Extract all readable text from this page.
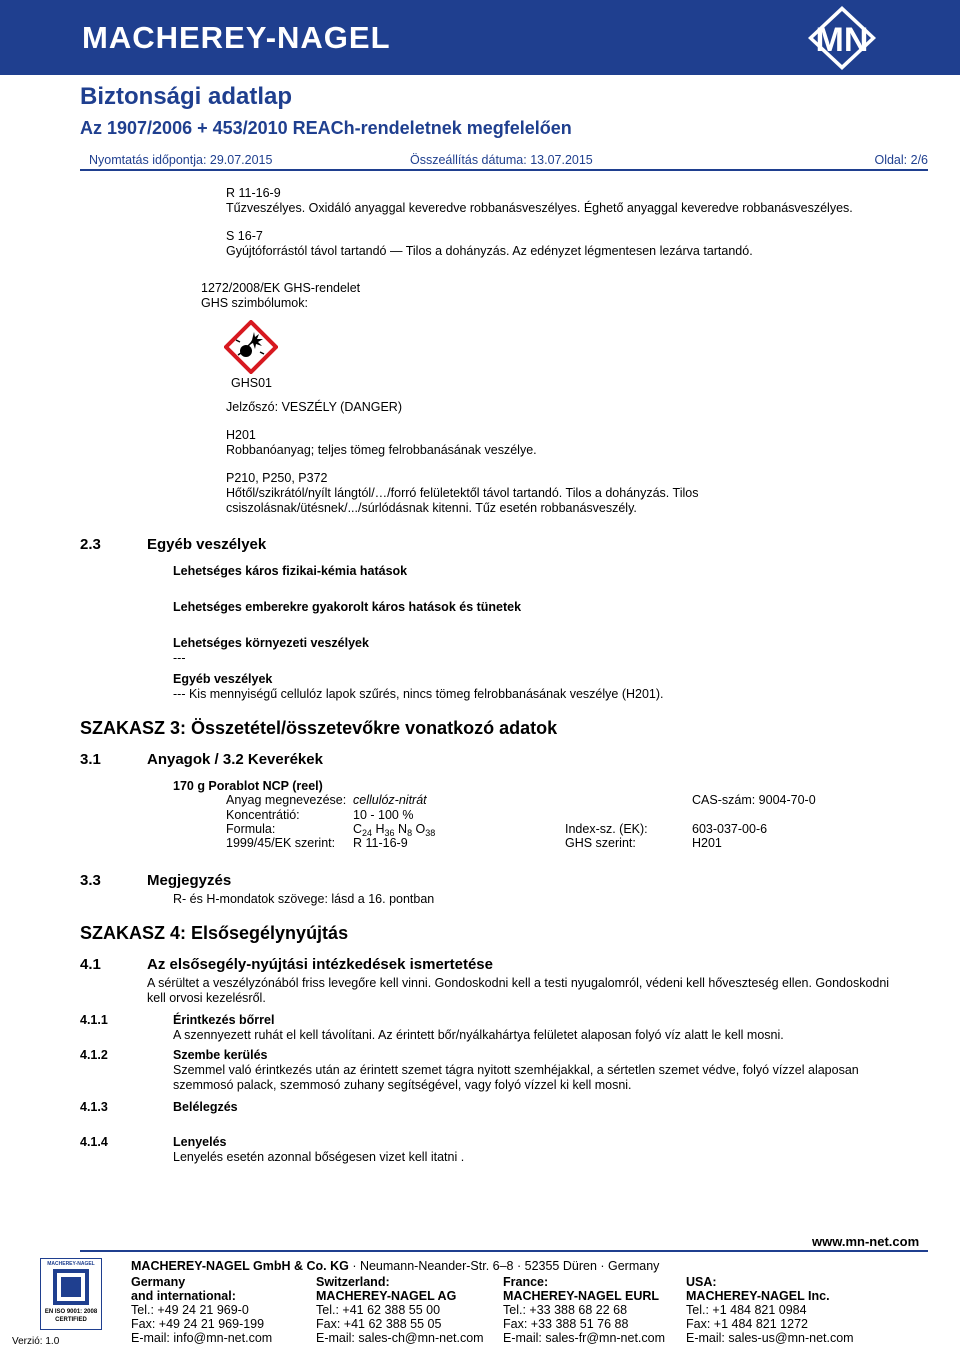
MACHEREY-NAGEL	MN
Biztonsági adatlap
Az 1907/2006 + 453/2010 REACh-rendeletnek megfelelően
Nyomtatás időpontja: 29.07.2015	Összeállítás dátuma: 13.07.2015	Oldal: 2/6
R 11-16-9
Tűzveszélyes. Oxidáló anyaggal keveredve robbanásveszélyes. Éghető anyaggal keveredve robbanásveszélyes.
S 16-7
Gyújtóforrástól távol tartandó — Tilos a dohányzás. Az edényzet légmentesen lezárva tartandó.
1272/2008/EK GHS-rendelet
GHS szimbólumok:
GHS01
Jelzőszó: VESZÉLY (DANGER)
H201
Robbanóanyag; teljes tömeg felrobbanásának veszélye.
P210, P250, P372
Hőtől/szikrától/nyílt lángtól/…/forró felületektől távol tartandó. Tilos a dohányzás. Tilos
csiszolásnak/ütésnek/.../súrlódásnak kitenni. Tűz esetén robbanásveszély.
2.3	Egyéb veszélyek
Lehetséges káros fizikai-kémia hatások
Lehetséges emberekre gyakorolt káros hatások és tünetek
Lehetséges környezeti veszélyek
---
Egyéb veszélyek
--- Kis mennyiségű cellulóz lapok szűrés, nincs tömeg felrobbanásának veszélye (H201).
SZAKASZ 3: Összetétel/összetevőkre vonatkozó adatok
3.1	Anyagok / 3.2 Keverékek
170 g Porablot NCP (reel)
Anyag megnevezése: cellulóz-nitrát	CAS-szám: 9004-70-0
Koncentrátió:	10 - 100 %
Formula:	$C_{24}$ $H_{36}$ $N_8$ $O_{38}$	Index-sz. (EK):	603-037-00-6
1999/45/EK szerint: R 11-16-9	GHS szerint:	H201
3.3	Megjegyzés
R- és H-mondatok szövege: lásd a 16. pontban
SZAKASZ 4: Elsősegélynyújtás
4.1	Az elsősegély-nyújtási intézkedések ismertetése
A sérültet a veszélyzónából friss levegőre kell vinni. Gondoskodni kell a testi nyugalomról, védeni kell hőveszteség ellen. Gondoskodni
kell orvosi kezelésről.
4.1.1	Érintkezés bőrrel
A szennyezett ruhát el kell távolítani. Az érintett bőr/nyálkahártya felületet alaposan folyó víz alatt le kell mosni.
4.1.2	Szembe kerülés
Szemmel való érintkezés után az érintett szemet tágra nyitott szemhéjakkal, a sértetlen szemet védve, folyó vízzel alaposan
szemmosó palack, szemmosó zuhany segítségével, vagy folyó vízzel ki kell mosni.
4.1.3	Belélegzés
4.1.4	Lenyelés
Lenyelés esetén azonnal bőségesen vizet kell itatni .
www.mn-net.com
MACHEREY-NAGEL
EN ISO 9001: 2008
CERTIFIED
Verzió: 1.0
MACHEREY-NAGEL GmbH & Co. KG · Neumann-Neander-Str. 6–8 · 52355 Düren · Germany
Germany
and international:
Tel.: +49 24 21 969-0
Fax: +49 24 21 969-199
E-mail: info@mn-net.com
Switzerland:
MACHEREY-NAGEL AG
Tel.: +41 62 388 55 00
Fax: +41 62 388 55 05
E-mail: sales-ch@mn-net.com
France:
MACHEREY-NAGEL EURL
Tel.: +33 388 68 22 68
Fax: +33 388 51 76 88
E-mail: sales-fr@mn-net.com
USA:
MACHEREY-NAGEL Inc.
Tel.: +1 484 821 0984
Fax: +1 484 821 1272
E-mail: sales-us@mn-net.com
